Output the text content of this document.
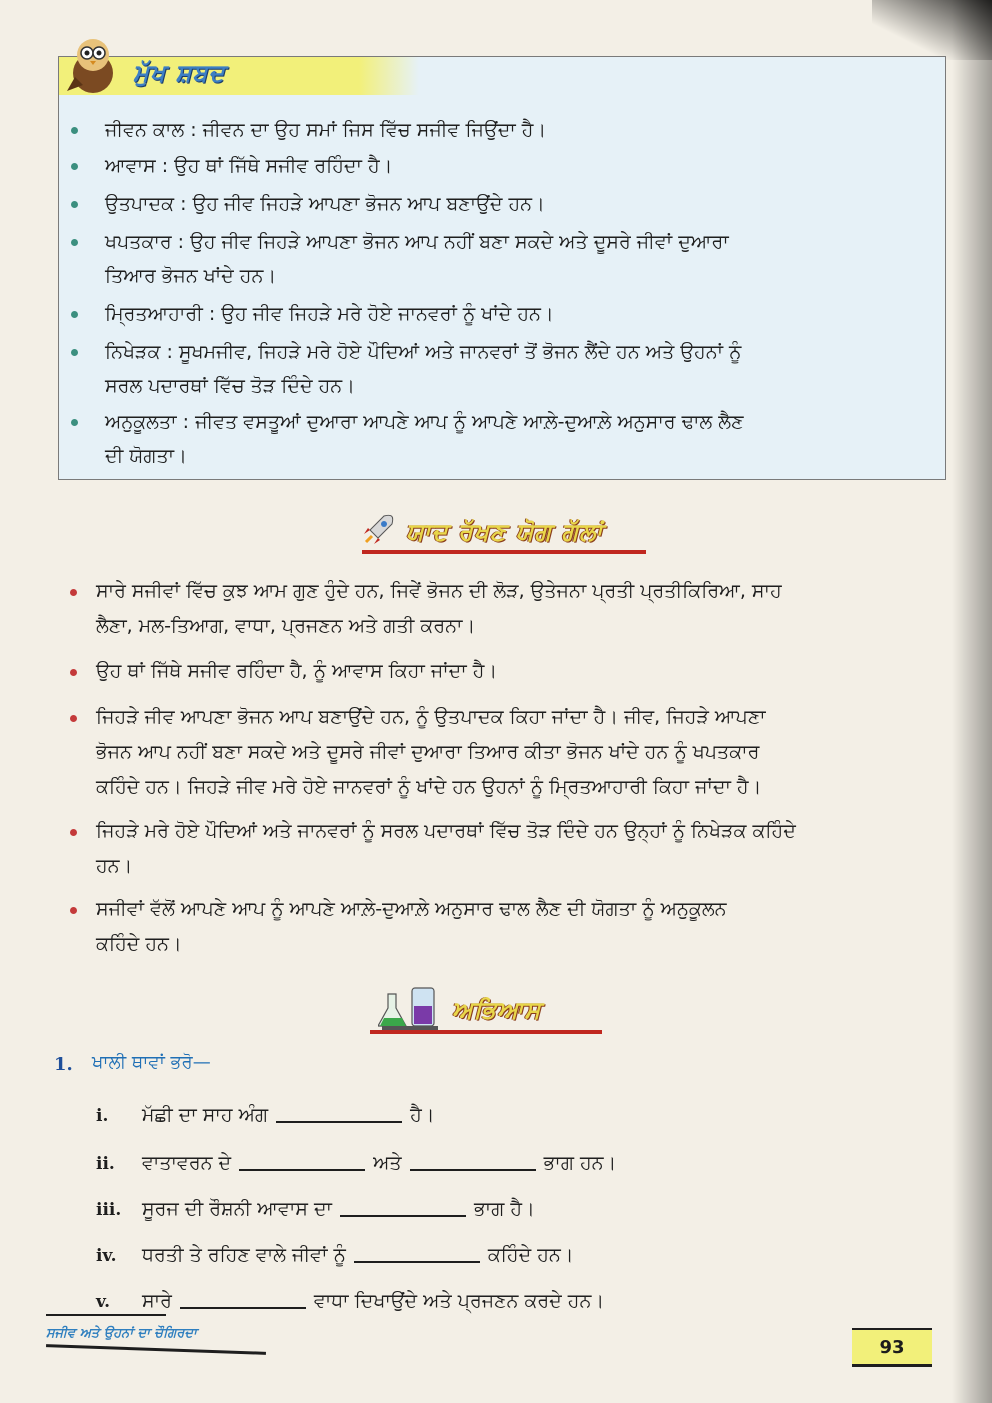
ਮੁੱਖ ਸ਼ਬਦ
ਜੀਵਨ ਕਾਲ : ਜੀਵਨ ਦਾ ਉਹ ਸਮਾਂ ਜਿਸ ਵਿੱਚ ਸਜੀਵ ਜਿਉਂਦਾ ਹੈ।
ਆਵਾਸ : ਉਹ ਥਾਂ ਜਿੱਥੇ ਸਜੀਵ ਰਹਿੰਦਾ ਹੈ।
ਉਤਪਾਦਕ : ਉਹ ਜੀਵ ਜਿਹੜੇ ਆਪਣਾ ਭੋਜਨ ਆਪ ਬਣਾਉਂਦੇ ਹਨ।
ਖਪਤਕਾਰ : ਉਹ ਜੀਵ ਜਿਹੜੇ ਆਪਣਾ ਭੋਜਨ ਆਪ ਨਹੀਂ ਬਣਾ ਸਕਦੇ ਅਤੇ ਦੂਸਰੇ ਜੀਵਾਂ ਦੁਆਰਾ
ਤਿਆਰ ਭੋਜਨ ਖਾਂਦੇ ਹਨ।
ਮ੍ਰਿਤਆਹਾਰੀ : ਉਹ ਜੀਵ ਜਿਹੜੇ ਮਰੇ ਹੋਏ ਜਾਨਵਰਾਂ ਨੂੰ ਖਾਂਦੇ ਹਨ।
ਨਿਖੇੜਕ : ਸੂਖਮਜੀਵ, ਜਿਹੜੇ ਮਰੇ ਹੋਏ ਪੌਦਿਆਂ ਅਤੇ ਜਾਨਵਰਾਂ ਤੋਂ ਭੋਜਨ ਲੈਂਦੇ ਹਨ ਅਤੇ ਉਹਨਾਂ ਨੂੰ
ਸਰਲ ਪਦਾਰਥਾਂ ਵਿੱਚ ਤੋੜ ਦਿੰਦੇ ਹਨ।
ਅਨੁਕੂਲਤਾ : ਜੀਵਤ ਵਸਤੂਆਂ ਦੁਆਰਾ ਆਪਣੇ ਆਪ ਨੂੰ ਆਪਣੇ ਆਲ਼ੇ-ਦੁਆਲ਼ੇ ਅਨੁਸਾਰ ਢਾਲ ਲੈਣ
ਦੀ ਯੋਗਤਾ।
ਯਾਦ ਰੱਖਣ ਯੋਗ ਗੱਲਾਂ
ਸਾਰੇ ਸਜੀਵਾਂ ਵਿੱਚ ਕੁਝ ਆਮ ਗੁਣ ਹੁੰਦੇ ਹਨ, ਜਿਵੇਂ ਭੋਜਨ ਦੀ ਲੋੜ, ਉਤੇਜਨਾ ਪ੍ਰਤੀ ਪ੍ਰਤੀਕਿਰਿਆ, ਸਾਹ
ਲੈਣਾ, ਮਲ-ਤਿਆਗ, ਵਾਧਾ, ਪ੍ਰਜਣਨ ਅਤੇ ਗਤੀ ਕਰਨਾ।
ਉਹ ਥਾਂ ਜਿੱਥੇ ਸਜੀਵ ਰਹਿੰਦਾ ਹੈ, ਨੂੰ ਆਵਾਸ ਕਿਹਾ ਜਾਂਦਾ ਹੈ।
ਜਿਹੜੇ ਜੀਵ ਆਪਣਾ ਭੋਜਨ ਆਪ ਬਣਾਉਂਦੇ ਹਨ, ਨੂੰ ਉਤਪਾਦਕ ਕਿਹਾ ਜਾਂਦਾ ਹੈ। ਜੀਵ, ਜਿਹੜੇ ਆਪਣਾ
ਭੋਜਨ ਆਪ ਨਹੀਂ ਬਣਾ ਸਕਦੇ ਅਤੇ ਦੂਸਰੇ ਜੀਵਾਂ ਦੁਆਰਾ ਤਿਆਰ ਕੀਤਾ ਭੋਜਨ ਖਾਂਦੇ ਹਨ ਨੂੰ ਖਪਤਕਾਰ
ਕਹਿੰਦੇ ਹਨ। ਜਿਹੜੇ ਜੀਵ ਮਰੇ ਹੋਏ ਜਾਨਵਰਾਂ ਨੂੰ ਖਾਂਦੇ ਹਨ ਉਹਨਾਂ ਨੂੰ ਮ੍ਰਿਤਆਹਾਰੀ ਕਿਹਾ ਜਾਂਦਾ ਹੈ।
ਜਿਹੜੇ ਮਰੇ ਹੋਏ ਪੌਦਿਆਂ ਅਤੇ ਜਾਨਵਰਾਂ ਨੂੰ ਸਰਲ ਪਦਾਰਥਾਂ ਵਿੱਚ ਤੋੜ ਦਿੰਦੇ ਹਨ ਉਨ੍ਹਾਂ ਨੂੰ ਨਿਖੇੜਕ ਕਹਿੰਦੇ
ਹਨ।
ਸਜੀਵਾਂ ਵੱਲੋਂ ਆਪਣੇ ਆਪ ਨੂੰ ਆਪਣੇ ਆਲ਼ੇ-ਦੁਆਲ਼ੇ ਅਨੁਸਾਰ ਢਾਲ ਲੈਣ ਦੀ ਯੋਗਤਾ ਨੂੰ ਅਨੁਕੂਲਨ
ਕਹਿੰਦੇ ਹਨ।
ਅਭਿਆਸ
1. ਖਾਲੀ ਥਾਵਾਂ ਭਰੋ—
i. ਮੱਛੀ ਦਾ ਸਾਹ ਅੰਗ	ਹੈ।
ii. ਵਾਤਾਵਰਨ ਦੇ	ਅਤੇ	ਭਾਗ ਹਨ।
iii. ਸੂਰਜ ਦੀ ਰੌਸ਼ਨੀ ਆਵਾਸ ਦਾ	ਭਾਗ ਹੈ।
iv. ਧਰਤੀ ਤੇ ਰਹਿਣ ਵਾਲੇ ਜੀਵਾਂ ਨੂੰ	ਕਹਿੰਦੇ ਹਨ।
v. ਸਾਰੇ	ਵਾਧਾ ਦਿਖਾਉਂਦੇ ਅਤੇ ਪ੍ਰਜਣਨ ਕਰਦੇ ਹਨ।
ਸਜੀਵ ਅਤੇ ਉਹਨਾਂ ਦਾ ਚੌਗਿਰਦਾ
93
